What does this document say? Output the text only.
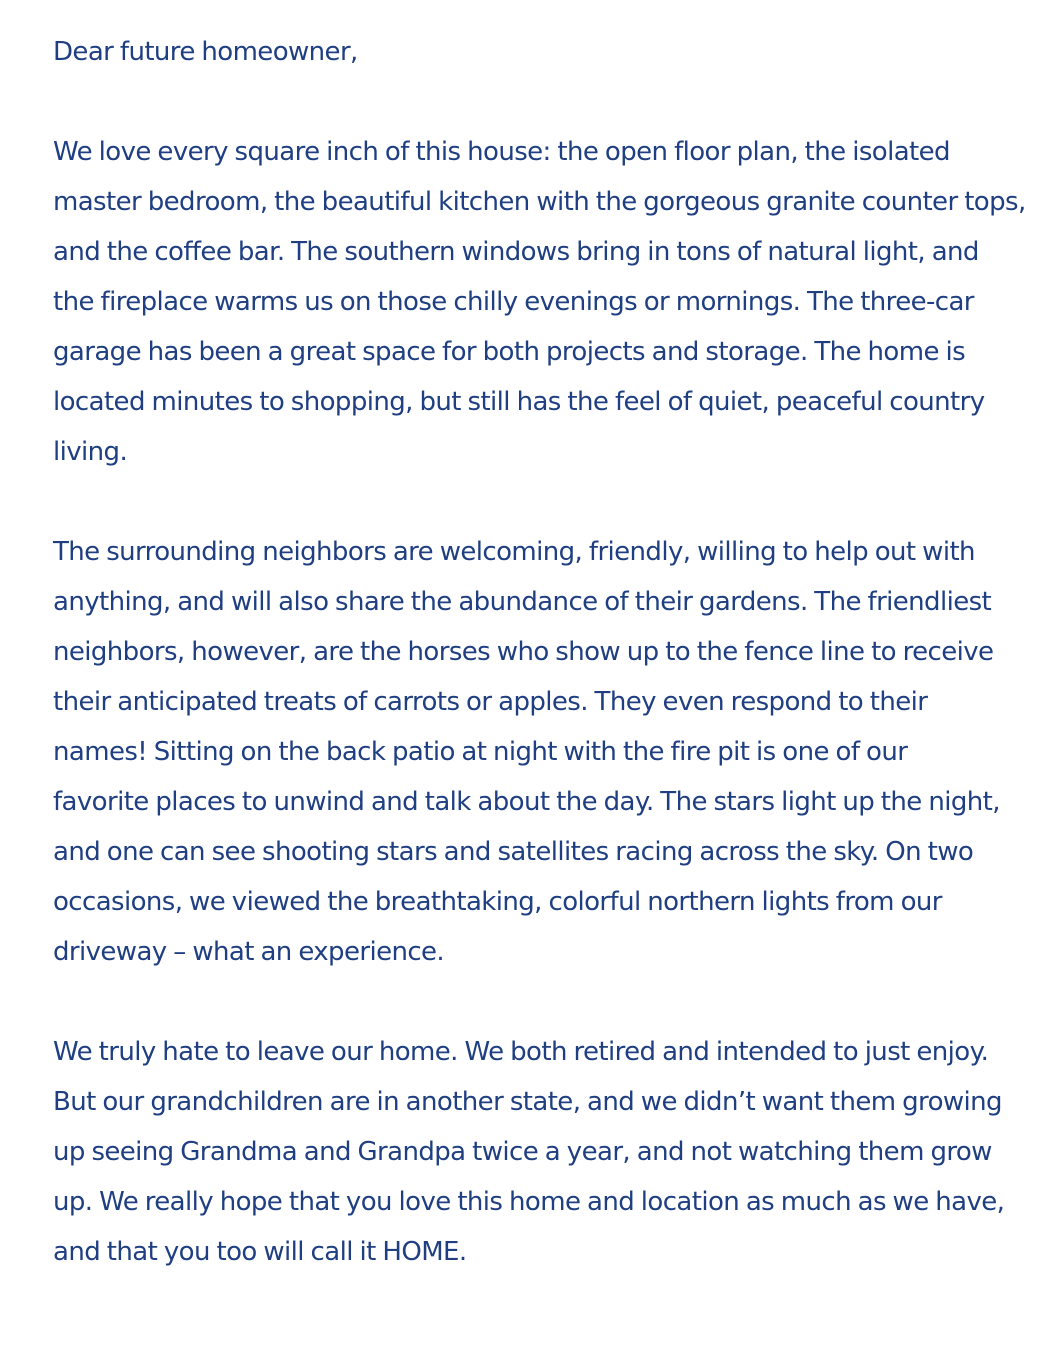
Dear future homeowner,
We love every square inch of this house: the open floor plan, the isolated
master bedroom, the beautiful kitchen with the gorgeous granite counter tops,
and the coffee bar. The southern windows bring in tons of natural light, and
the fireplace warms us on those chilly evenings or mornings. The three-car
garage has been a great space for both projects and storage. The home is
located minutes to shopping, but still has the feel of quiet, peaceful country
living.
The surrounding neighbors are welcoming, friendly, willing to help out with
anything, and will also share the abundance of their gardens. The friendliest
neighbors, however, are the horses who show up to the fence line to receive
their anticipated treats of carrots or apples. They even respond to their
names! Sitting on the back patio at night with the fire pit is one of our
favorite places to unwind and talk about the day. The stars light up the night,
and one can see shooting stars and satellites racing across the sky. On two
occasions, we viewed the breathtaking, colorful northern lights from our
driveway – what an experience.
We truly hate to leave our home. We both retired and intended to just enjoy.
But our grandchildren are in another state, and we didn’t want them growing
up seeing Grandma and Grandpa twice a year, and not watching them grow
up. We really hope that you love this home and location as much as we have,
and that you too will call it HOME.
